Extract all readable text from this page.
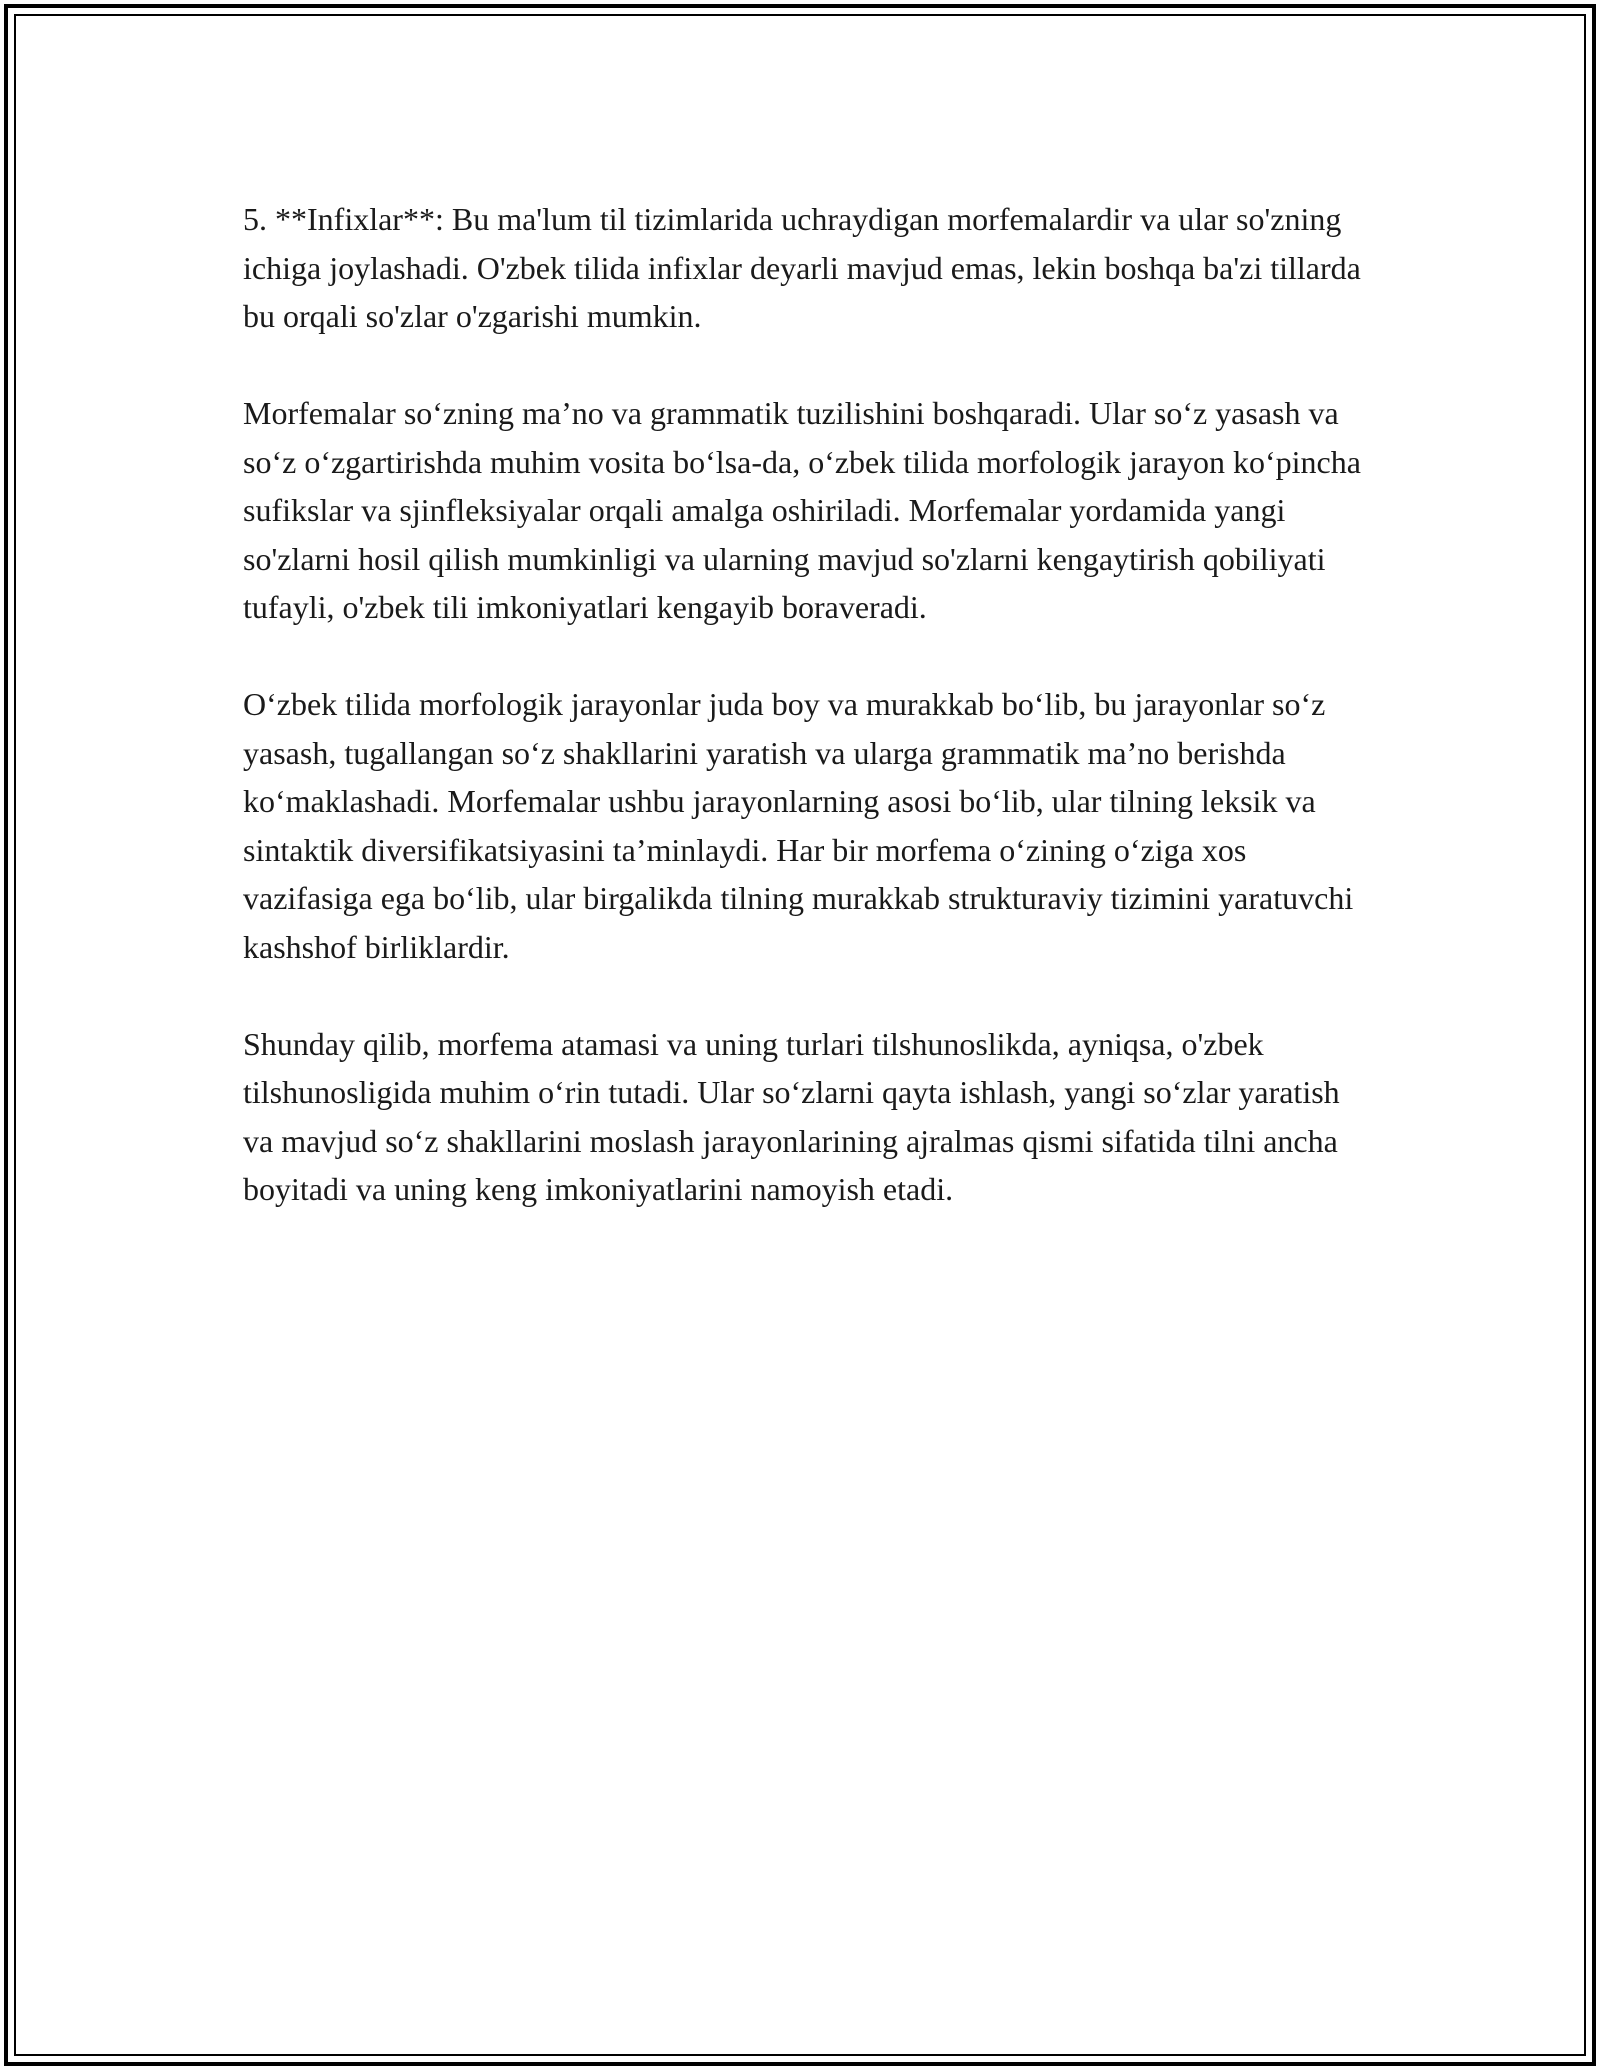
5. **Infixlar**: Bu ma'lum til tizimlarida uchraydigan morfemalardir va ular so'zning ichiga joylashadi. O'zbek tilida infixlar deyarli mavjud emas, lekin boshqa ba'zi tillarda bu orqali so'zlar o'zgarishi mumkin.

Morfemalar so‘zning ma’no va grammatik tuzilishini boshqaradi. Ular so‘z yasash va so‘z o‘zgartirishda muhim vosita bo‘lsa-da, o‘zbek tilida morfologik jarayon ko‘pincha sufikslar va sjinfleksiyalar orqali amalga oshiriladi. Morfemalar yordamida yangi so'zlarni hosil qilish mumkinligi va ularning mavjud so'zlarni kengaytirish qobiliyati tufayli, o'zbek tili imkoniyatlari kengayib boraveradi.

O‘zbek tilida morfologik jarayonlar juda boy va murakkab bo‘lib, bu jarayonlar so‘z yasash, tugallangan so‘z shakllarini yaratish va ularga grammatik ma’no berishda ko‘maklashadi. Morfemalar ushbu jarayonlarning asosi bo‘lib, ular tilning leksik va sintaktik diversifikatsiyasini ta’minlaydi. Har bir morfema o‘zining o‘ziga xos vazifasiga ega bo‘lib, ular birgalikda tilning murakkab strukturaviy tizimini yaratuvchi kashshof birliklardir.

Shunday qilib, morfema atamasi va uning turlari tilshunoslikda, ayniqsa, o'zbek tilshunosligida muhim o‘rin tutadi. Ular so‘zlarni qayta ishlash, yangi so‘zlar yaratish va mavjud so‘z shakllarini moslash jarayonlarining ajralmas qismi sifatida tilni ancha boyitadi va uning keng imkoniyatlarini namoyish etadi.
